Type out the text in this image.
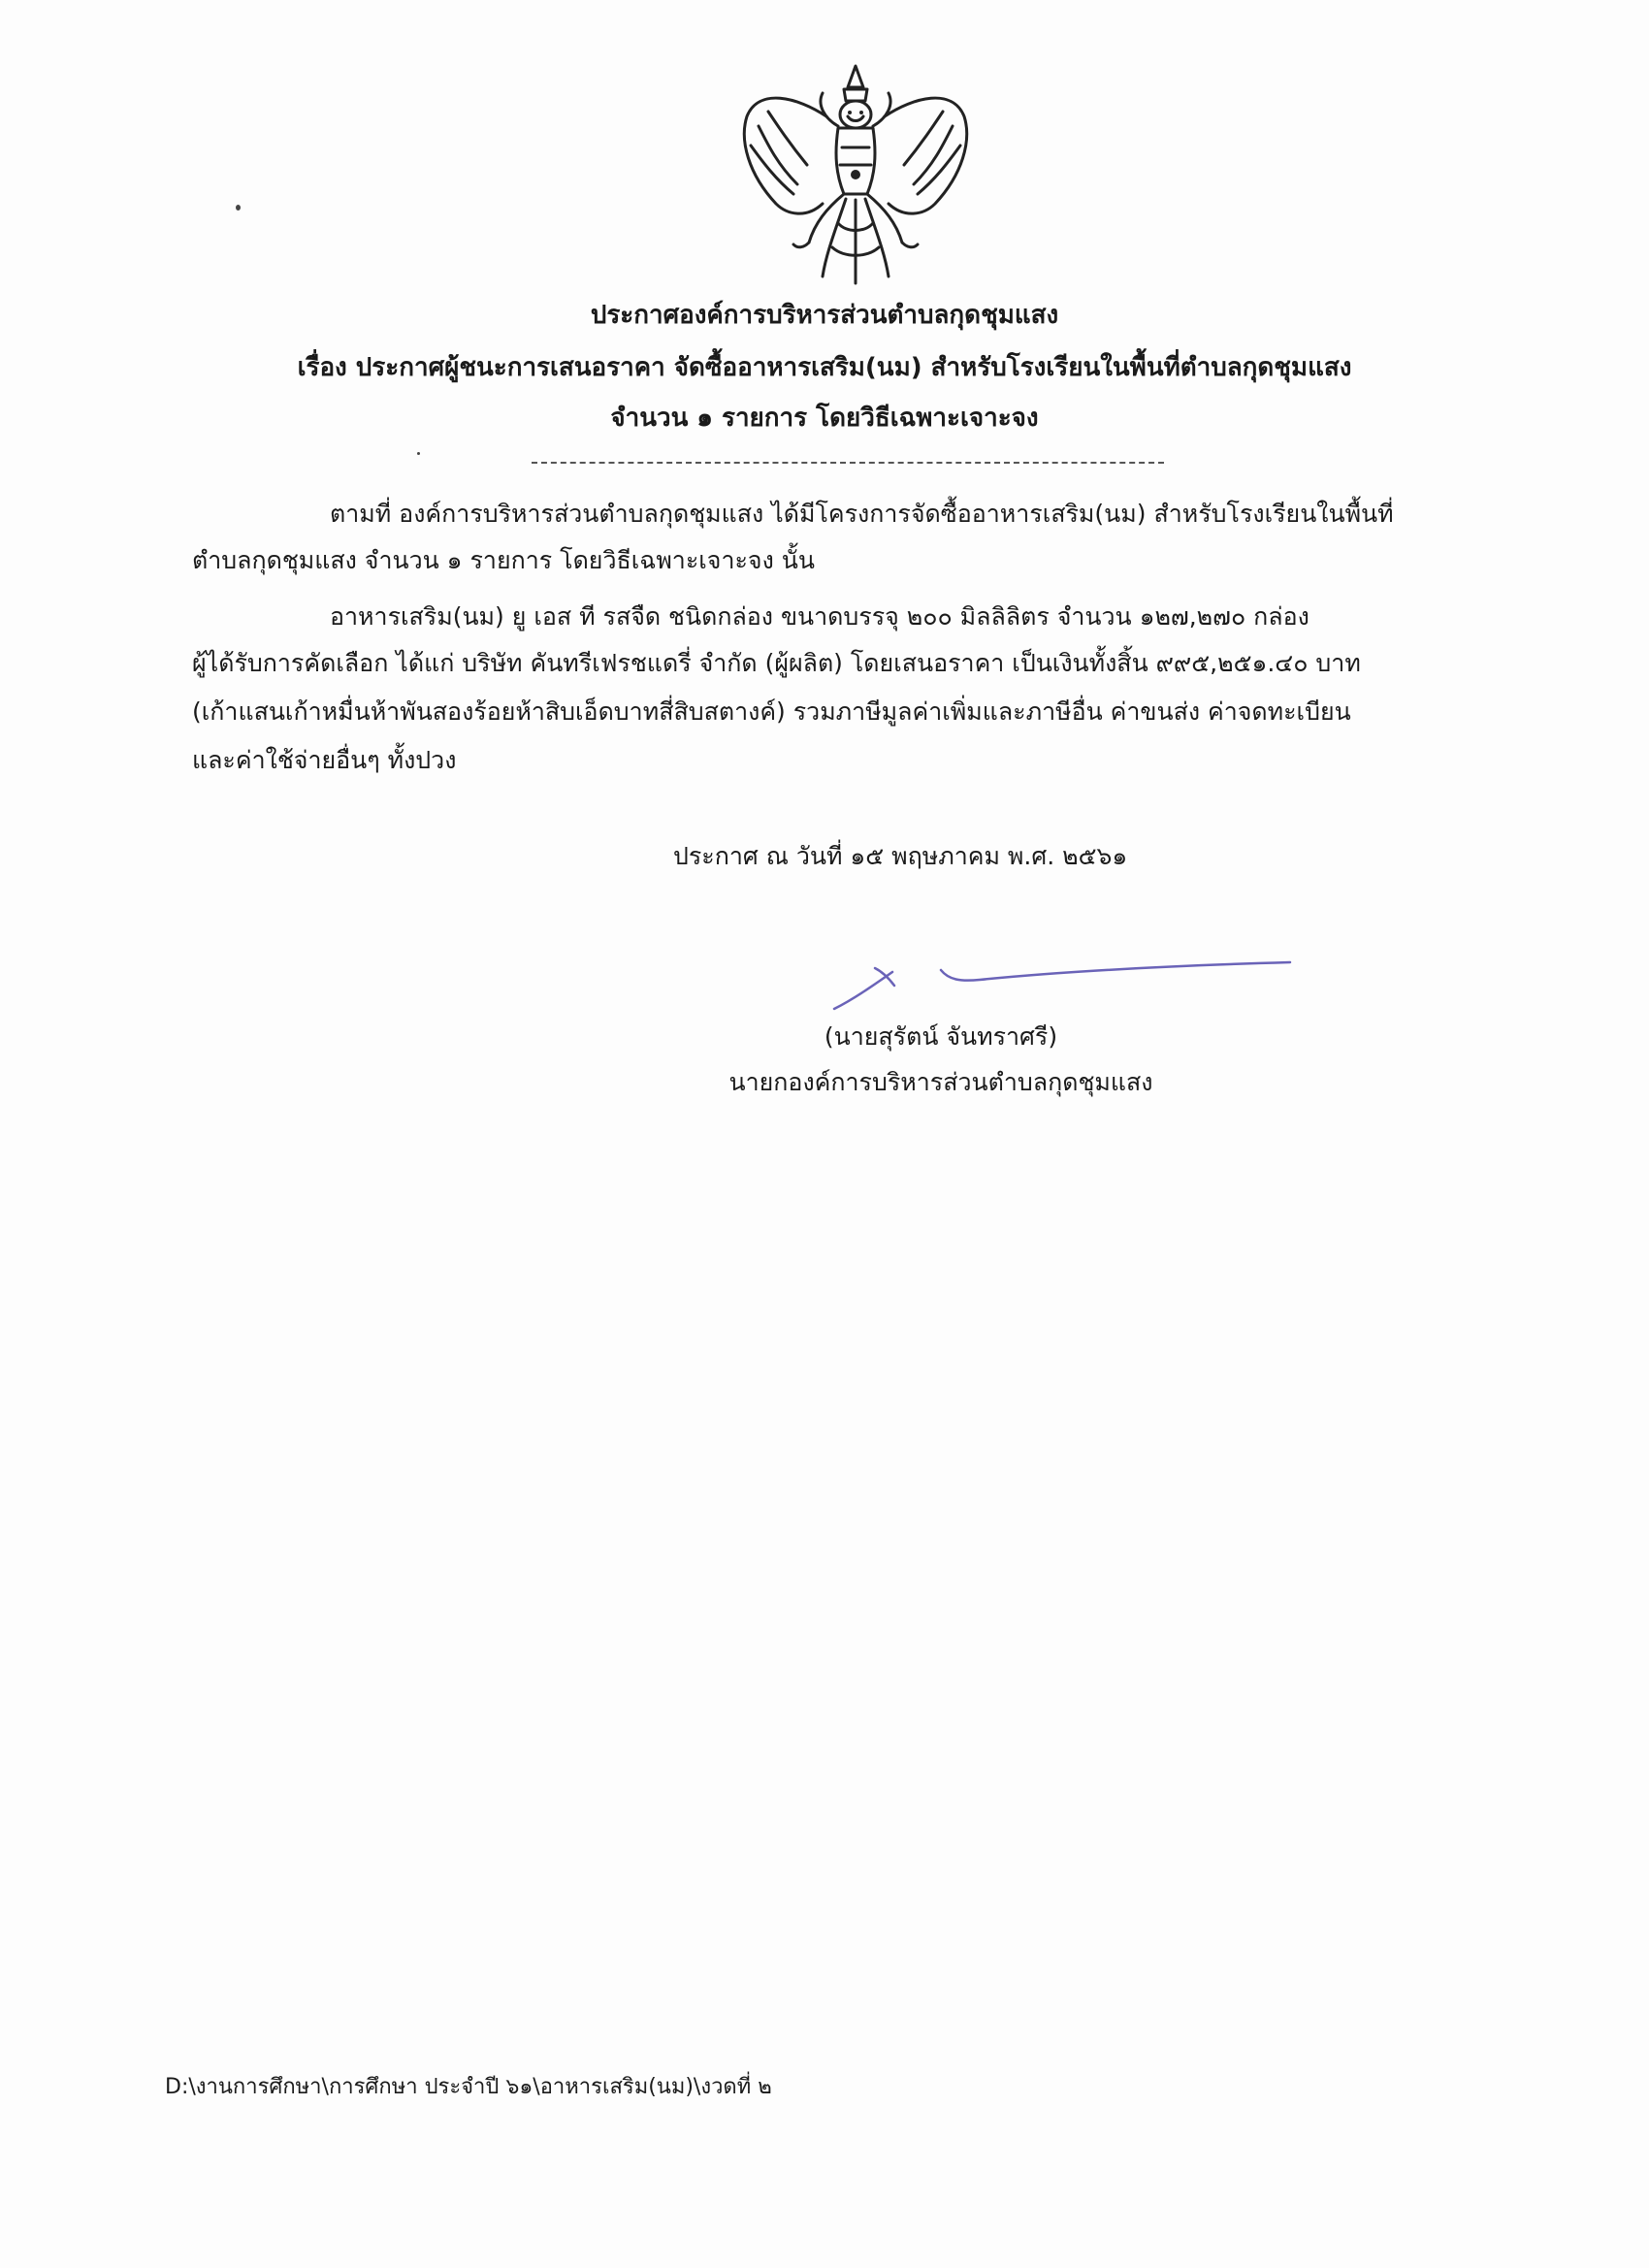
ประกาศองค์การบริหารส่วนตำบลกุดชุมแสง
เรื่อง ประกาศผู้ชนะการเสนอราคา จัดซื้ออาหารเสริม(นม) สำหรับโรงเรียนในพื้นที่ตำบลกุดชุมแสง
จำนวน ๑ รายการ โดยวิธีเฉพาะเจาะจง
ตามที่ องค์การบริหารส่วนตำบลกุดชุมแสง ได้มีโครงการจัดซื้ออาหารเสริม(นม) สำหรับโรงเรียนในพื้นที่
ตำบลกุดชุมแสง จำนวน ๑ รายการ โดยวิธีเฉพาะเจาะจง นั้น
อาหารเสริม(นม) ยู เอส ที รสจืด ชนิดกล่อง ขนาดบรรจุ ๒๐๐ มิลลิลิตร จำนวน ๑๒๗,๒๗๐ กล่อง
ผู้ได้รับการคัดเลือก ได้แก่ บริษัท คันทรีเฟรชแดรี่ จำกัด (ผู้ผลิต) โดยเสนอราคา เป็นเงินทั้งสิ้น ๙๙๕,๒๕๑.๔๐ บาท
(เก้าแสนเก้าหมื่นห้าพันสองร้อยห้าสิบเอ็ดบาทสี่สิบสตางค์) รวมภาษีมูลค่าเพิ่มและภาษีอื่น ค่าขนส่ง ค่าจดทะเบียน
และค่าใช้จ่ายอื่นๆ ทั้งปวง
ประกาศ ณ วันที่ ๑๕ พฤษภาคม พ.ศ. ๒๕๖๑
(นายสุรัตน์ จันทราศรี)
นายกองค์การบริหารส่วนตำบลกุดชุมแสง
D:\งานการศึกษา\การศึกษา ประจำปี ๖๑\อาหารเสริม(นม)\งวดที่ ๒
